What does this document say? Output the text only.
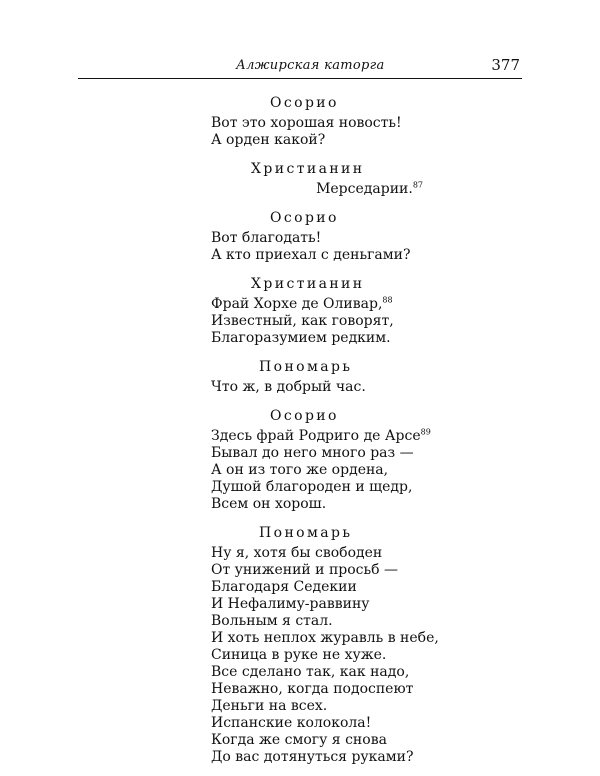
Алжирская каторга	377
Осорио
Вот это хорошая новость!
А орден какой?
Христианин
Мерседарии.$^{87}$
Осорио
Вот благодать!
А кто приехал с деньгами?
Христианин
Фрай Хорхе де Оливар,$^{88}$
Известный, как говорят,
Благоразумием редким.
Пономарь
Что ж, в добрый час.
Осорио
Здесь фрай Родриго де Арсе$^{89}$
Бывал до него много раз —
А он из того же ордена,
Душой благороден и щедр,
Всем он хорош.
Пономарь
Ну я, хотя бы свободен
От унижений и просьб —
Благодаря Седекии
И Нефалиму-раввину
Вольным я стал.
И хоть неплох журавль в небе,
Синица в руке не хуже.
Все сделано так, как надо,
Неважно, когда подоспеют
Деньги на всех.
Испанские колокола!
Когда же смогу я снова
До вас дотянуться руками?
